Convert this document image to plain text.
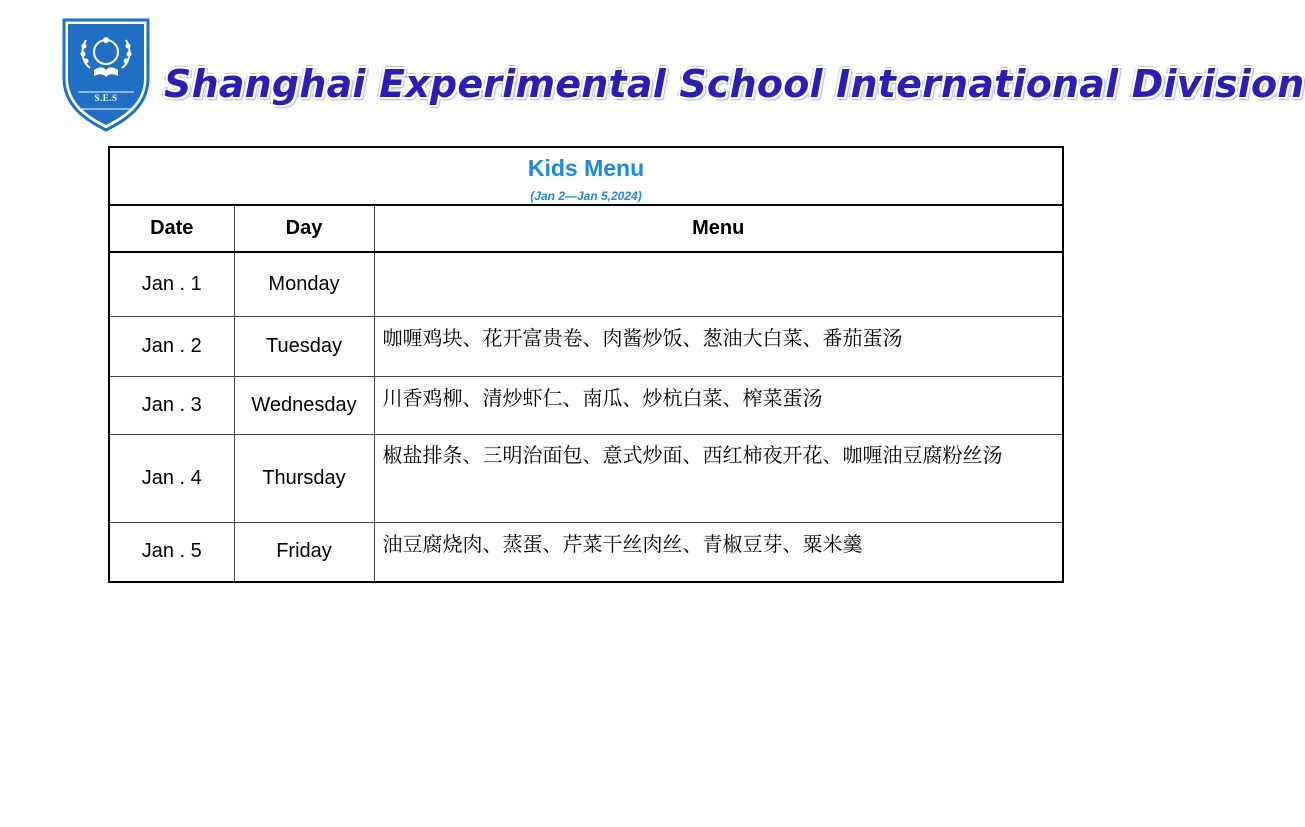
S.E.S	Shanghai Experimental School International Division
Kids Menu
(Jan 2—Jan 5,2024)		

Date	Day	Menu
Jan . 1	Monday	
Jan . 2	Tuesday	咖喱鸡块、花开富贵卷、肉酱炒饭、葱油大白菜、番茄蛋汤
Jan . 3	Wednesday	川香鸡柳、清炒虾仁、南瓜、炒杭白菜、榨菜蛋汤
Jan . 4	Thursday	椒盐排条、三明治面包、意式炒面、西红柿夜开花、咖喱油豆腐粉丝汤
Jan . 5	Friday	油豆腐烧肉、蒸蛋、芹菜干丝肉丝、青椒豆芽、粟米羹
